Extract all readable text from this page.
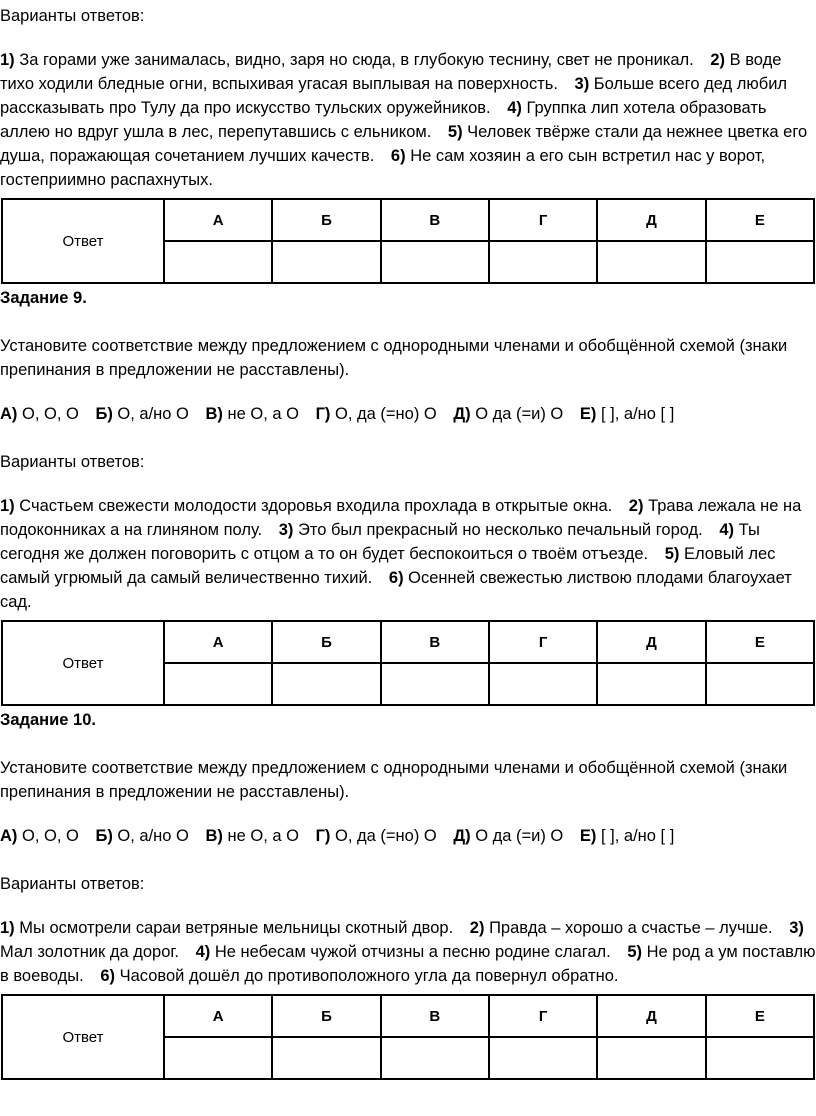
Варианты ответов:

1) За горами уже занималась, видно, заря но сюда, в глубокую теснину, свет не проникал. 2) В воде тихо ходили бледные огни, вспыхивая угасая выплывая на поверхность. 3) Больше всего дед любил рассказывать про Тулу да про искусство тульских оружейников. 4) Группка лип хотела образовать аллею но вдруг ушла в лес, перепутавшись с ельником. 5) Человек твёрже стали да нежнее цветка его душа, поражающая сочетанием лучших качеств. 6) Не сам хозяин а его сын встретил нас у ворот, гостеприимно распахнутых.

Ответ	А	Б	В	Г	Д	Е

Задание 9.

Установите соответствие между предложением с однородными членами и обобщённой схемой (знаки препинания в предложении не расставлены).

А) О, О, О Б) О, а/но О В) не О, а О Г) О, да (=но) О Д) О да (=и) О Е) [ ], а/но [ ]

Варианты ответов:

1) Счастьем свежести молодости здоровья входила прохлада в открытые окна. 2) Трава лежала не на подоконниках а на глиняном полу. 3) Это был прекрасный но несколько печальный город. 4) Ты сегодня же должен поговорить с отцом а то он будет беспокоиться о твоём отъезде. 5) Еловый лес самый угрюмый да самый величественно тихий. 6) Осенней свежестью листвою плодами благоухает сад.

Ответ	А	Б	В	Г	Д	Е

Задание 10.

Установите соответствие между предложением с однородными членами и обобщённой схемой (знаки препинания в предложении не расставлены).

А) О, О, О Б) О, а/но О В) не О, а О Г) О, да (=но) О Д) О да (=и) О Е) [ ], а/но [ ]

Варианты ответов:

1) Мы осмотрели сараи ветряные мельницы скотный двор. 2) Правда – хорошо а счастье – лучше. 3) Мал золотник да дорог. 4) Не небесам чужой отчизны а песню родине слагал. 5) Не род а ум поставлю в воеводы. 6) Часовой дошёл до противоположного угла да повернул обратно.

Ответ	А	Б	В	Г	Д	Е
